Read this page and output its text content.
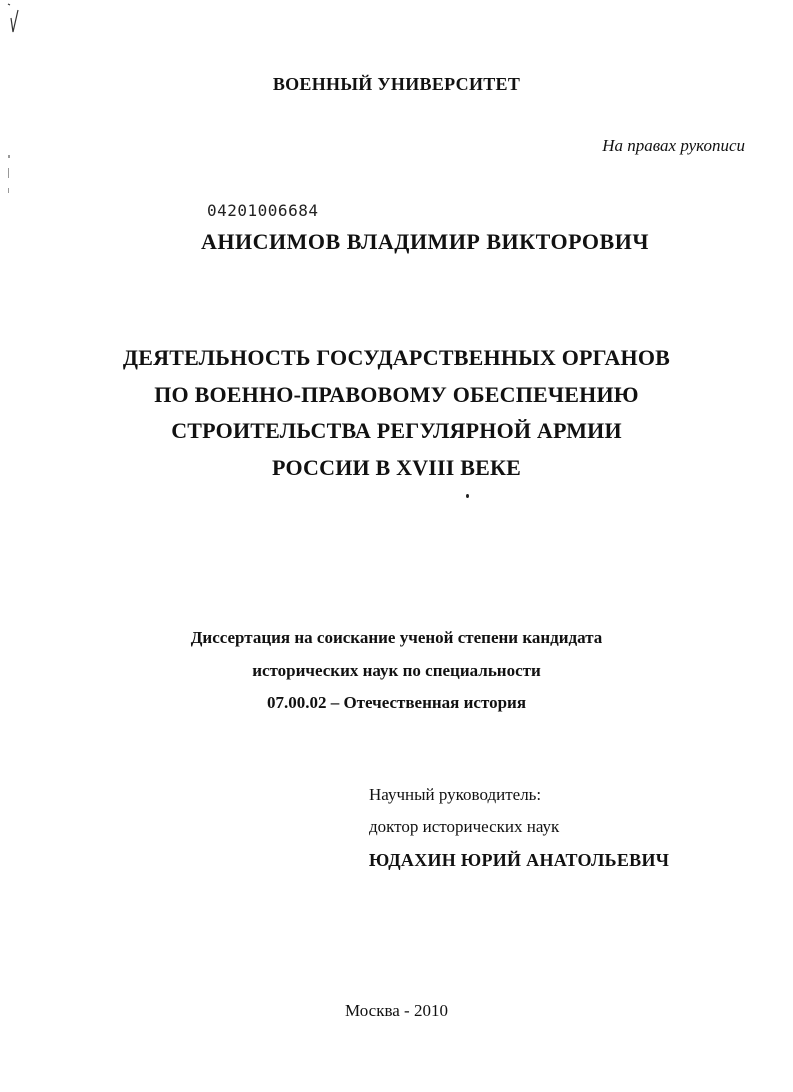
ВОЕННЫЙ УНИВЕРСИТЕТ
На правах рукописи
04201006684
АНИСИМОВ ВЛАДИМИР ВИКТОРОВИЧ
ДЕЯТЕЛЬНОСТЬ ГОСУДАРСТВЕННЫХ ОРГАНОВ
ПО ВОЕННО-ПРАВОВОМУ ОБЕСПЕЧЕНИЮ
СТРОИТЕЛЬСТВА РЕГУЛЯРНОЙ АРМИИ
РОССИИ В XVIII ВЕКЕ
Диссертация на соискание ученой степени кандидата
исторических наук по специальности
07.00.02 – Отечественная история
Научный руководитель:
доктор исторических наук
ЮДАХИН ЮРИЙ АНАТОЛЬЕВИЧ
Москва - 2010
